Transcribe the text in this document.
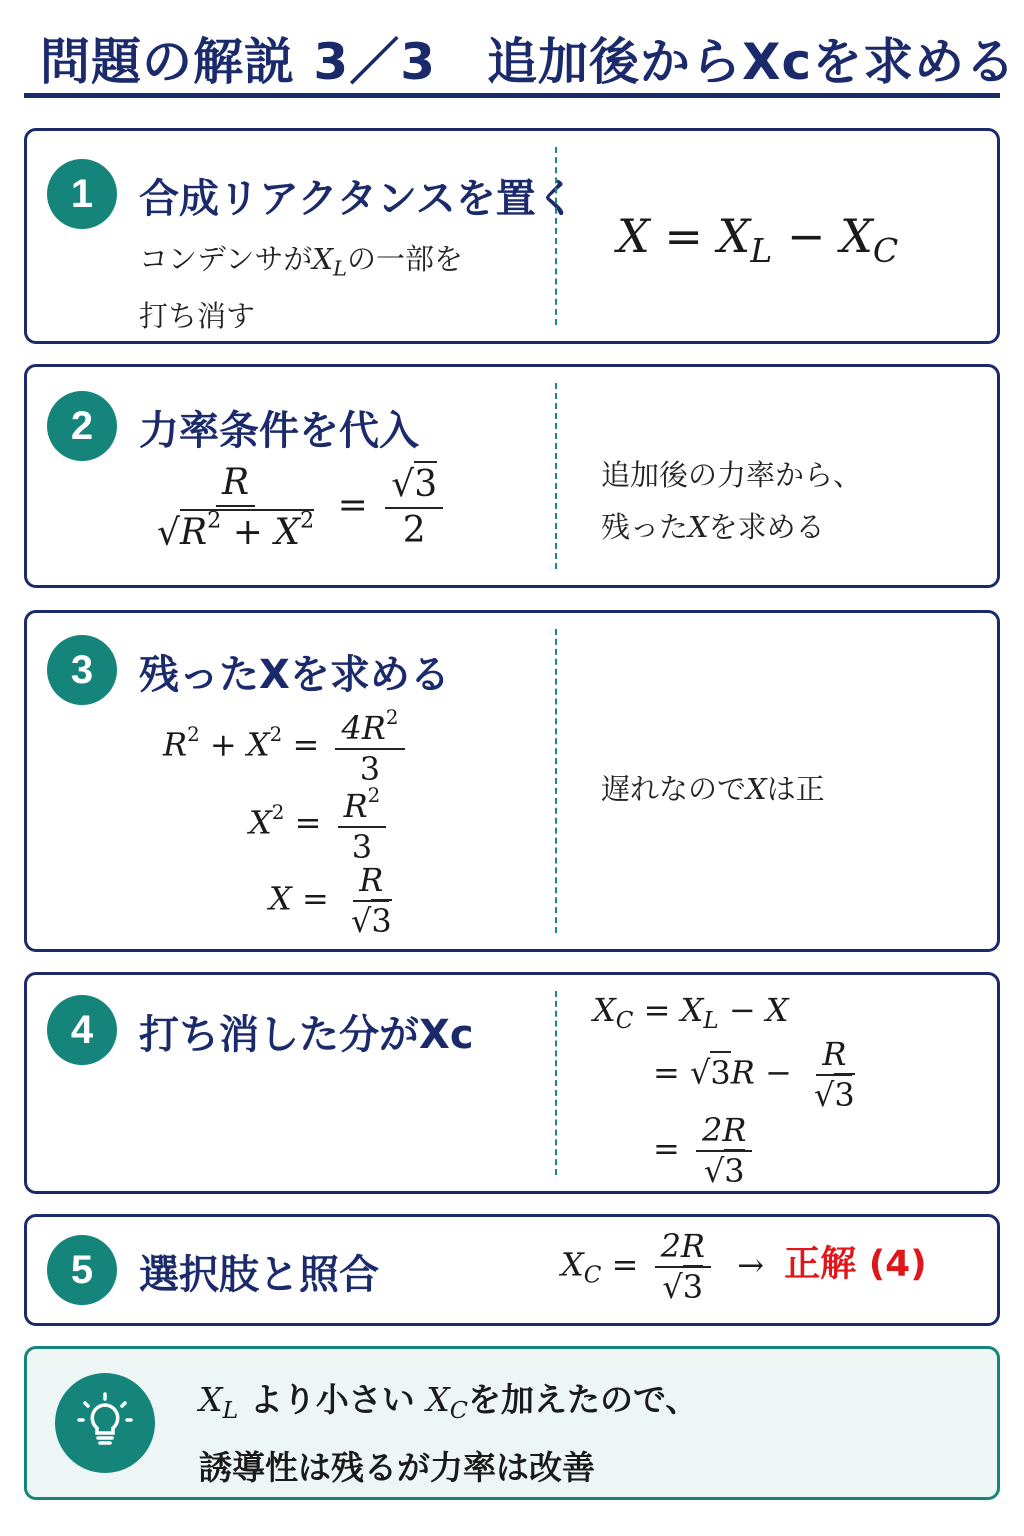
問題の解説 3／3　追加後からXcを求める
1	合成リアクタンスを置く
コンデンサが$X_L$の一部を
打ち消す
$X = X_L - X_C$
2	力率条件を代入
$\frac{R}{√R^2 + X^2} = \frac{√3}{2}$	追加後の力率から、
残ったXを求める
3	残ったXを求める
$R^2 + X^2 = \frac{4R^2}{3}$
$X^2 = \frac{R^2}{3}$
$X = \frac{R}{√3}$
遅れなのでXは正
4	打ち消した分がXc
$X_C = X_L - X$
= $√3R - \frac{R}{√3}$
= $\frac{2R}{√3}$
5	選択肢と照合	$X_C = \frac{2R}{√3}$ → 正解 (4)
$X_L$ より小さい $X_C$を加えたので、
誘導性は残るが力率は改善
